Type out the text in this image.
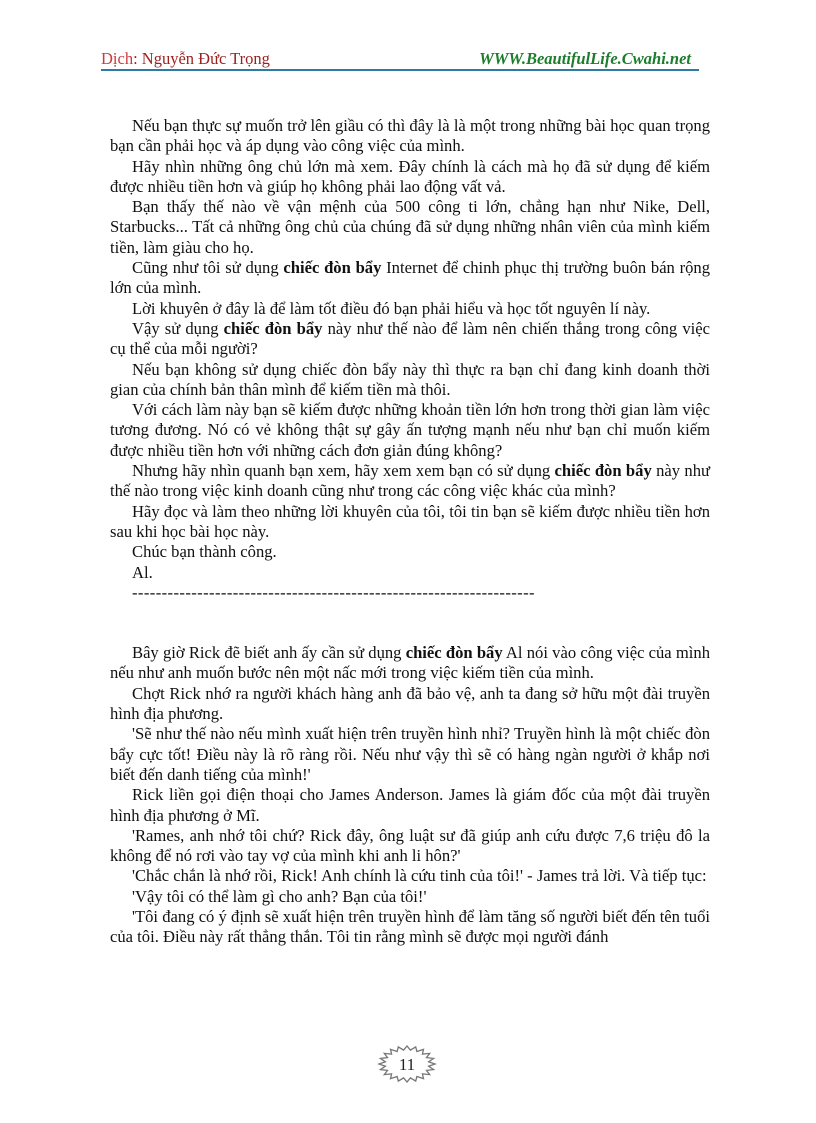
Dịch: Nguyễn Đức Trọng	WWW.BeautifulLife.Cwahi.net

Nếu bạn thực sự muốn trở lên giầu có thì đây là là một trong những bài học quan trọng bạn cần phải học và áp dụng vào công việc của mình.

Hãy nhìn những ông chủ lớn mà xem. Đây chính là cách mà họ đã sử dụng để kiếm được nhiều tiền hơn và giúp họ không phải lao động vất vả.

Bạn thấy thế nào về vận mệnh của 500 công ti lớn, chẳng hạn như Nike, Dell, Starbucks... Tất cả những ông chủ của chúng đã sử dụng những nhân viên của mình kiếm tiền, làm giàu cho họ.

Cũng như tôi sử dụng chiếc đòn bẩy Internet để chinh phục thị trường buôn bán rộng lớn của mình.

Lời khuyên ở đây là để làm tốt điều đó bạn phải hiểu và học tốt nguyên lí này.

Vậy sử dụng chiếc đòn bẩy này như thế nào để làm nên chiến thắng trong công việc cụ thể của mỗi người?

Nếu bạn không sử dụng chiếc đòn bẩy này thì thực ra bạn chỉ đang kinh doanh thời gian của chính bản thân mình để kiếm tiền mà thôi.

Với cách làm này bạn sẽ kiếm được những khoản tiền lớn hơn trong thời gian làm việc tương đương. Nó có vẻ không thật sự gây ấn tượng mạnh nếu như bạn chỉ muốn kiếm được nhiều tiền hơn với những cách đơn giản đúng không?

Nhưng hãy nhìn quanh bạn xem, hãy xem xem bạn có sử dụng chiếc đòn bẩy này như thế nào trong việc kinh doanh cũng như trong các công việc khác của mình?

Hãy đọc và làm theo những lời khuyên của tôi, tôi tin bạn sẽ kiếm được nhiều tiền hơn sau khi học bài học này.

Chúc bạn thành công.

Al.

--------------------------------------------------------------------

Bây giờ Rick đẽ biết anh ấy cần sử dụng chiếc đòn bẩy Al nói vào công việc của mình nếu như anh muốn bước nên một nấc mới trong việc kiếm tiền của mình.

Chợt Rick nhớ ra người khách hàng anh đã bảo vệ, anh ta đang sở hữu một đài truyền hình địa phương.

'Sẽ như thế nào nếu mình xuất hiện trên truyền hình nhỉ? Truyền hình là một chiếc đòn bẩy cực tốt! Điều này là rõ ràng rồi. Nếu như vậy thì sẽ có hàng ngàn người ở khắp nơi biết đến danh tiếng của mình!'

Rick liền gọi điện thoại cho James Anderson. James là giám đốc của một đài truyền hình địa phương ở Mĩ.

'Rames, anh nhớ tôi chứ? Rick đây, ông luật sư đã giúp anh cứu được 7,6 triệu đô la không để nó rơi vào tay vợ của mình khi anh li hôn?'

'Chắc chắn là nhớ rồi, Rick! Anh chính là cứu tinh của tôi!' - James trả lời. Và tiếp tục:

'Vậy tôi có thể làm gì cho anh? Bạn của tôi!'

'Tôi đang có ý định sẽ xuất hiện trên truyền hình để làm tăng số người biết đến tên tuổi của tôi. Điều này rất thẳng thắn. Tôi tin rằng mình sẽ được mọi người đánh

11
